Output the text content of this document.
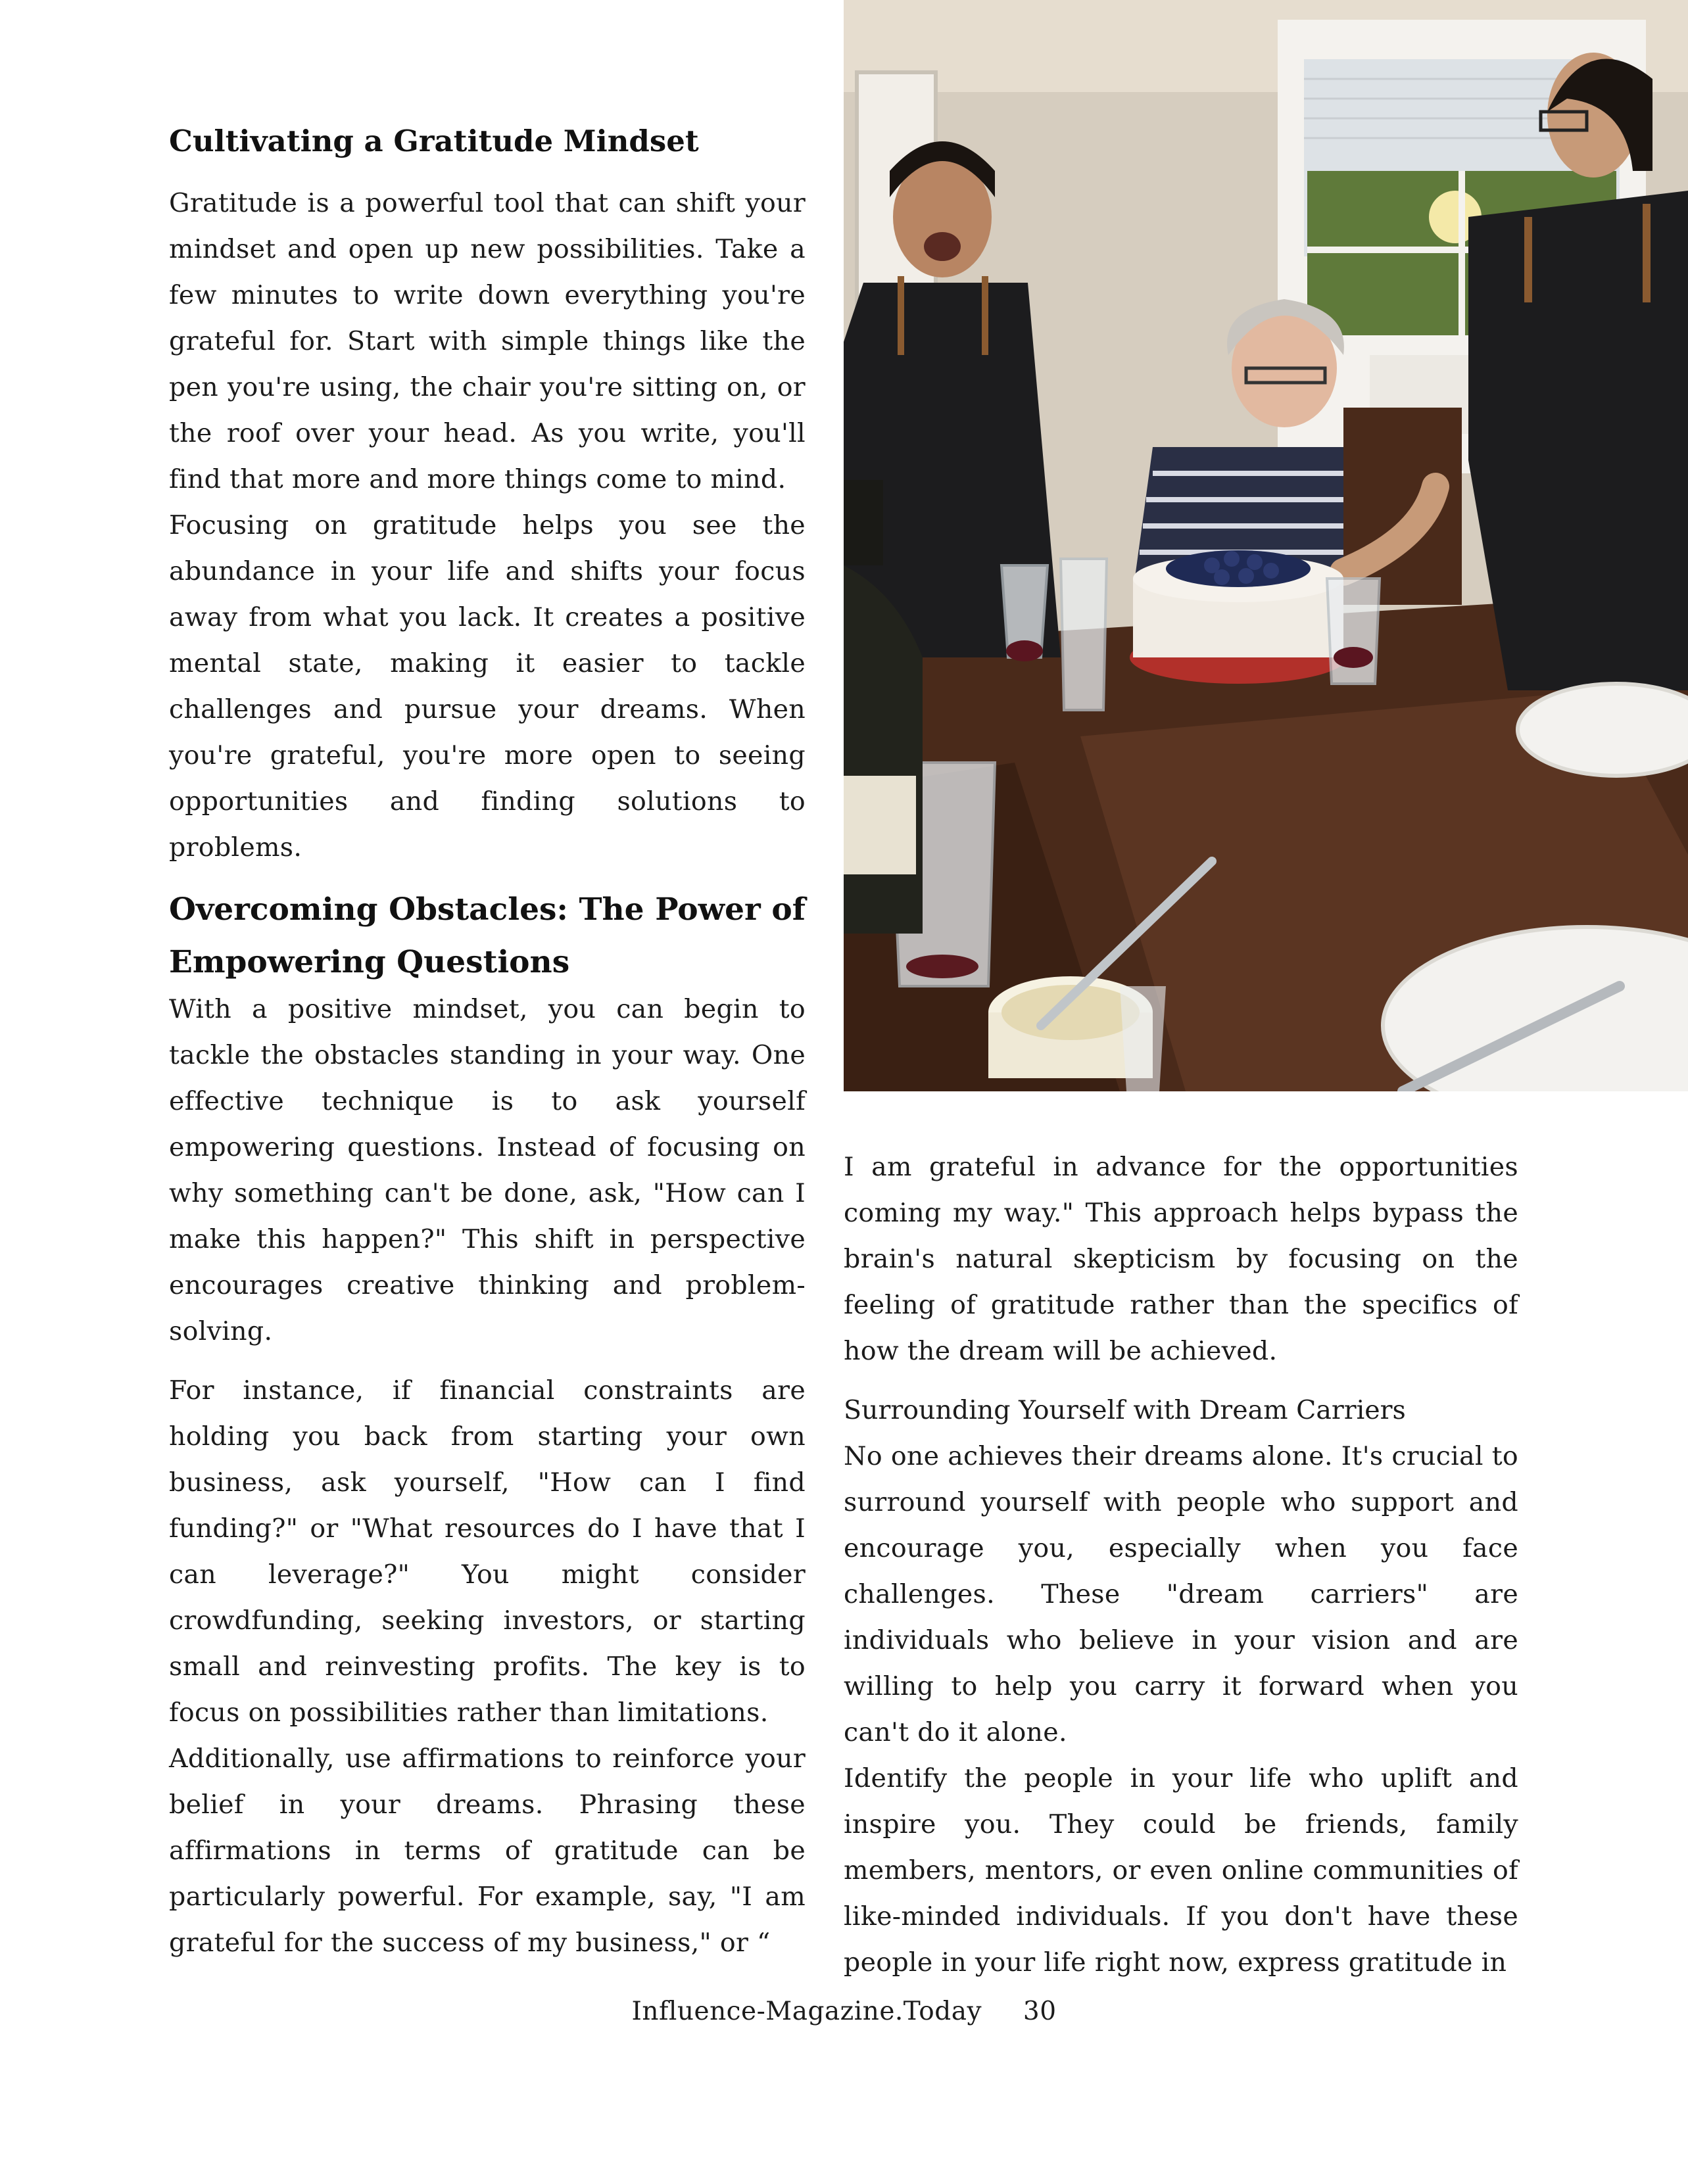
Cultivating a Gratitude Mindset

Gratitude is a powerful tool that can shift your mindset and open up new possibilities. Take a few minutes to write down everything you're grateful for. Start with simple things like the pen you're using, the chair you're sitting on, or the roof over your head. As you write, you'll find that more and more things come to mind.

Focusing on gratitude helps you see the abundance in your life and shifts your focus away from what you lack. It creates a positive mental state, making it easier to tackle challenges and pursue your dreams. When you're grateful, you're more open to seeing opportunities and finding solutions to problems.

Overcoming Obstacles: The Power of Empowering Questions

With a positive mindset, you can begin to tackle the obstacles standing in your way. One effective technique is to ask yourself empowering questions. Instead of focusing on why something can't be done, ask, "How can I make this happen?" This shift in perspective encourages creative thinking and problem-solving.

For instance, if financial constraints are holding you back from starting your own business, ask yourself, "How can I find funding?" or "What resources do I have that I can leverage?" You might consider crowdfunding, seeking investors, or starting small and reinvesting profits. The key is to focus on possibilities rather than limitations.

Additionally, use affirmations to reinforce your belief in your dreams. Phrasing these affirmations in terms of gratitude can be particularly powerful. For example, say, "I am grateful for the success of my business," or “

I am grateful in advance for the opportunities coming my way." This approach helps bypass the brain's natural skepticism by focusing on the feeling of gratitude rather than the specifics of how the dream will be achieved.

Surrounding Yourself with Dream Carriers

No one achieves their dreams alone. It's crucial to surround yourself with people who support and encourage you, especially when you face challenges. These "dream carriers" are individuals who believe in your vision and are willing to help you carry it forward when you can't do it alone.

Identify the people in your life who uplift and inspire you. They could be friends, family members, mentors, or even online communities of like-minded individuals. If you don't have these people in your life right now, express gratitude in

Influence-Magazine.Today 30
